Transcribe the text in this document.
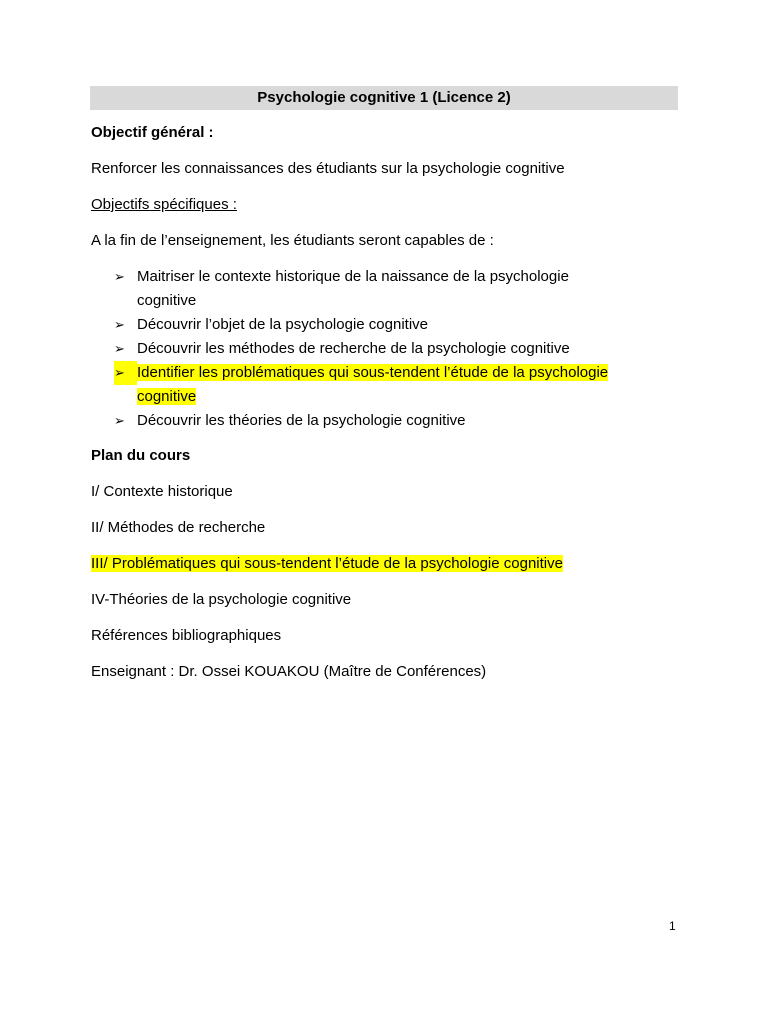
Psychologie cognitive 1 (Licence 2)
Objectif général :
Renforcer les connaissances des étudiants sur la psychologie cognitive
Objectifs spécifiques :
A la fin de l’enseignement, les étudiants seront capables de :
➢ Maitriser le contexte historique de la naissance de la psychologie
cognitive
➢ Découvrir l’objet de la psychologie cognitive
➢ Découvrir les méthodes de recherche de la psychologie cognitive
➢ Identifier les problématiques qui sous-tendent l’étude de la psychologie
cognitive
➢ Découvrir les théories de la psychologie cognitive
Plan du cours
I/ Contexte historique
II/ Méthodes de recherche
III/ Problématiques qui sous-tendent l’étude de la psychologie cognitive
IV-Théories de la psychologie cognitive
Références bibliographiques
Enseignant : Dr. Ossei KOUAKOU (Maître de Conférences)
1
